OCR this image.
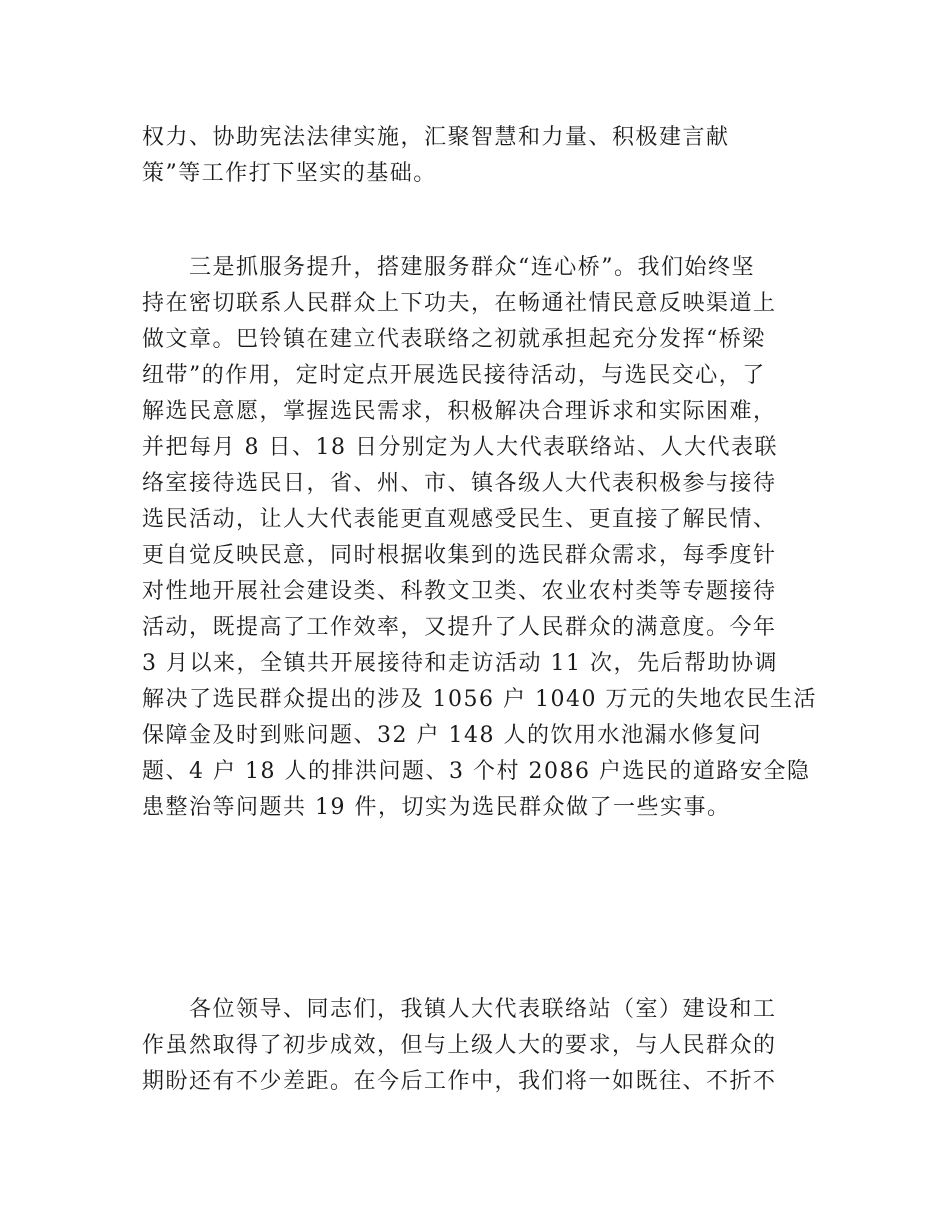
权力、协助宪法法律实施，汇聚智慧和力量、积极建言献
策”等工作打下坚实的基础。
　　三是抓服务提升，搭建服务群众“连心桥”。我们始终坚
持在密切联系人民群众上下功夫，在畅通社情民意反映渠道上
做文章。巴铃镇在建立代表联络之初就承担起充分发挥“桥梁
纽带”的作用，定时定点开展选民接待活动，与选民交心，了
解选民意愿，掌握选民需求，积极解决合理诉求和实际困难，
并把每月 8 日、18 日分别定为人大代表联络站、人大代表联
络室接待选民日，省、州、市、镇各级人大代表积极参与接待
选民活动，让人大代表能更直观感受民生、更直接了解民情、
更自觉反映民意，同时根据收集到的选民群众需求，每季度针
对性地开展社会建设类、科教文卫类、农业农村类等专题接待
活动，既提高了工作效率，又提升了人民群众的满意度。今年
3 月以来，全镇共开展接待和走访活动 11 次，先后帮助协调
解决了选民群众提出的涉及 1056 户 1040 万元的失地农民生活
保障金及时到账问题、32 户 148 人的饮用水池漏水修复问
题、4 户 18 人的排洪问题、3 个村 2086 户选民的道路安全隐
患整治等问题共 19 件，切实为选民群众做了一些实事。
　　各位领导、同志们，我镇人大代表联络站（室）建设和工
作虽然取得了初步成效，但与上级人大的要求，与人民群众的
期盼还有不少差距。在今后工作中，我们将一如既往、不折不
